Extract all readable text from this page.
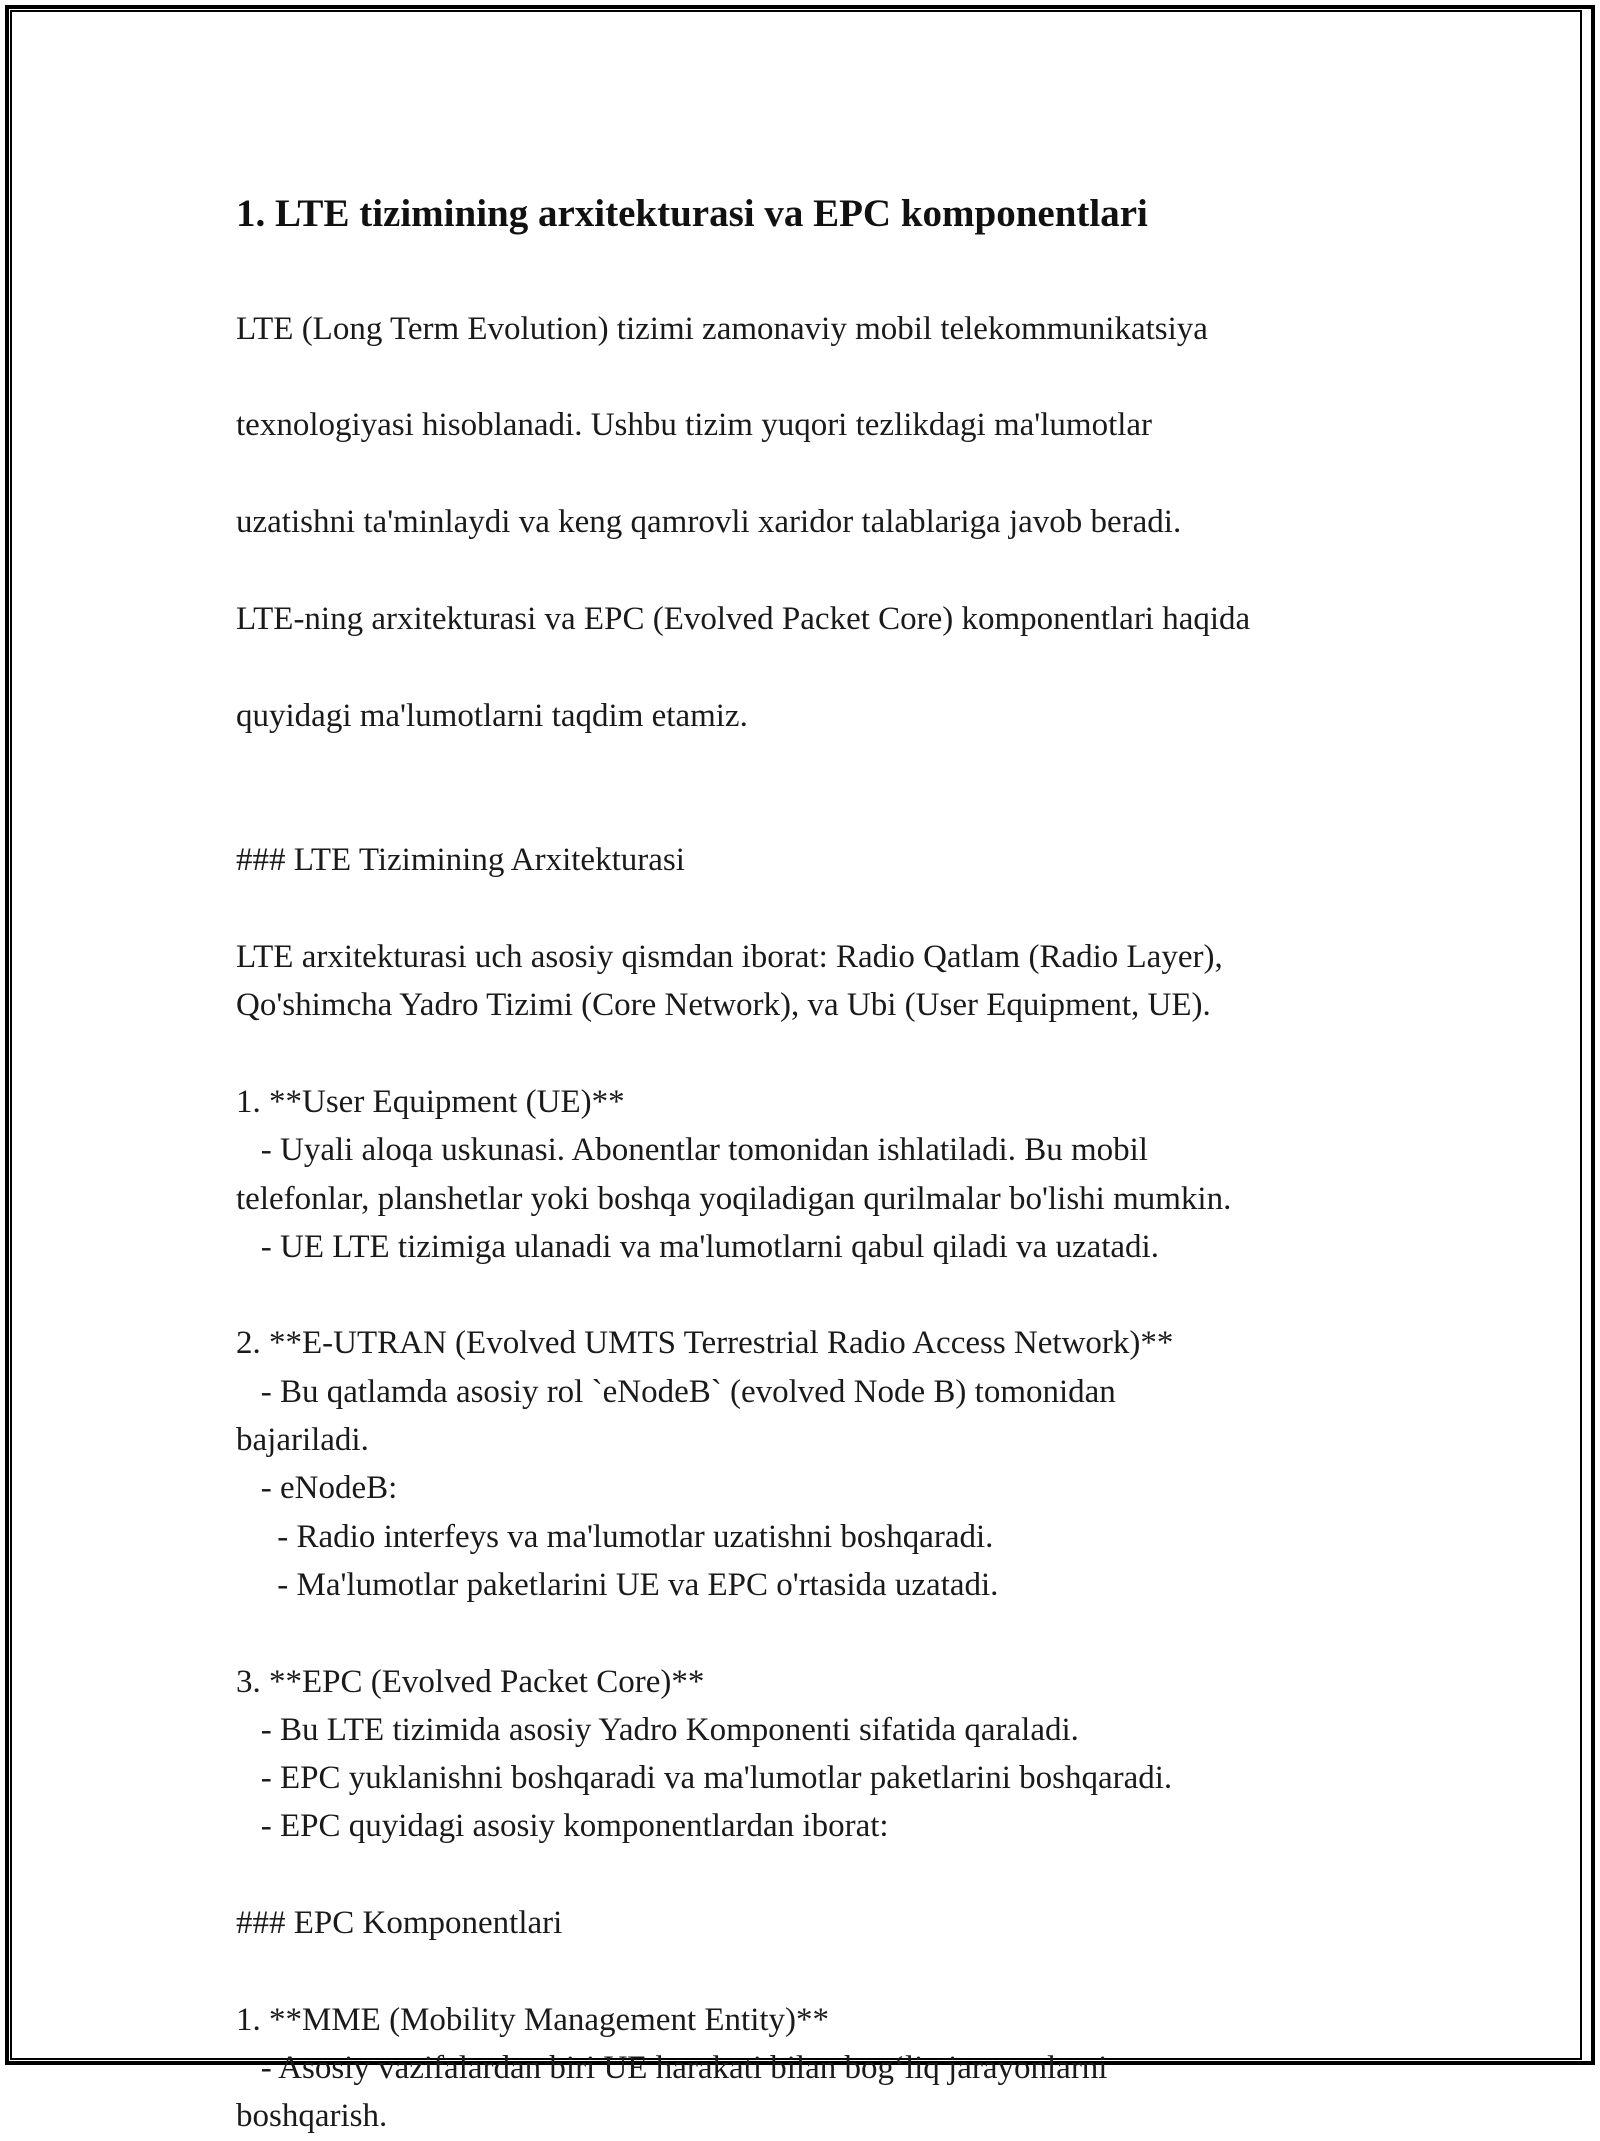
1. LTE tizimining arxitekturasi va EPC komponentlari

LTE (Long Term Evolution) tizimi zamonaviy mobil telekommunikatsiya

texnologiyasi hisoblanadi. Ushbu tizim yuqori tezlikdagi ma'lumotlar

uzatishni ta'minlaydi va keng qamrovli xaridor talablariga javob beradi.

LTE-ning arxitekturasi va EPC (Evolved Packet Core) komponentlari haqida

quyidagi ma'lumotlarni taqdim etamiz.

### LTE Tizimining Arxitekturasi
LTE arxitekturasi uch asosiy qismdan iborat: Radio Qatlam (Radio Layer),
Qo'shimcha Yadro Tizimi (Core Network), va Ubi (User Equipment, UE).
1. **User Equipment (UE)**
- Uyali aloqa uskunasi. Abonentlar tomonidan ishlatiladi. Bu mobil
telefonlar, planshetlar yoki boshqa yoqiladigan qurilmalar bo'lishi mumkin.
- UE LTE tizimiga ulanadi va ma'lumotlarni qabul qiladi va uzatadi.
2. **E-UTRAN (Evolved UMTS Terrestrial Radio Access Network)**
- Bu qatlamda asosiy rol `eNodeB` (evolved Node B) tomonidan
bajariladi.
- eNodeB:
- Radio interfeys va ma'lumotlar uzatishni boshqaradi.
- Ma'lumotlar paketlarini UE va EPC o'rtasida uzatadi.
3. **EPC (Evolved Packet Core)**
- Bu LTE tizimida asosiy Yadro Komponenti sifatida qaraladi.
- EPC yuklanishni boshqaradi va ma'lumotlar paketlarini boshqaradi.
- EPC quyidagi asosiy komponentlardan iborat:
### EPC Komponentlari
1. **MME (Mobility Management Entity)**
- Asosiy vazifalardan biri UE harakati bilan bog‘liq jarayonlarni
boshqarish.
